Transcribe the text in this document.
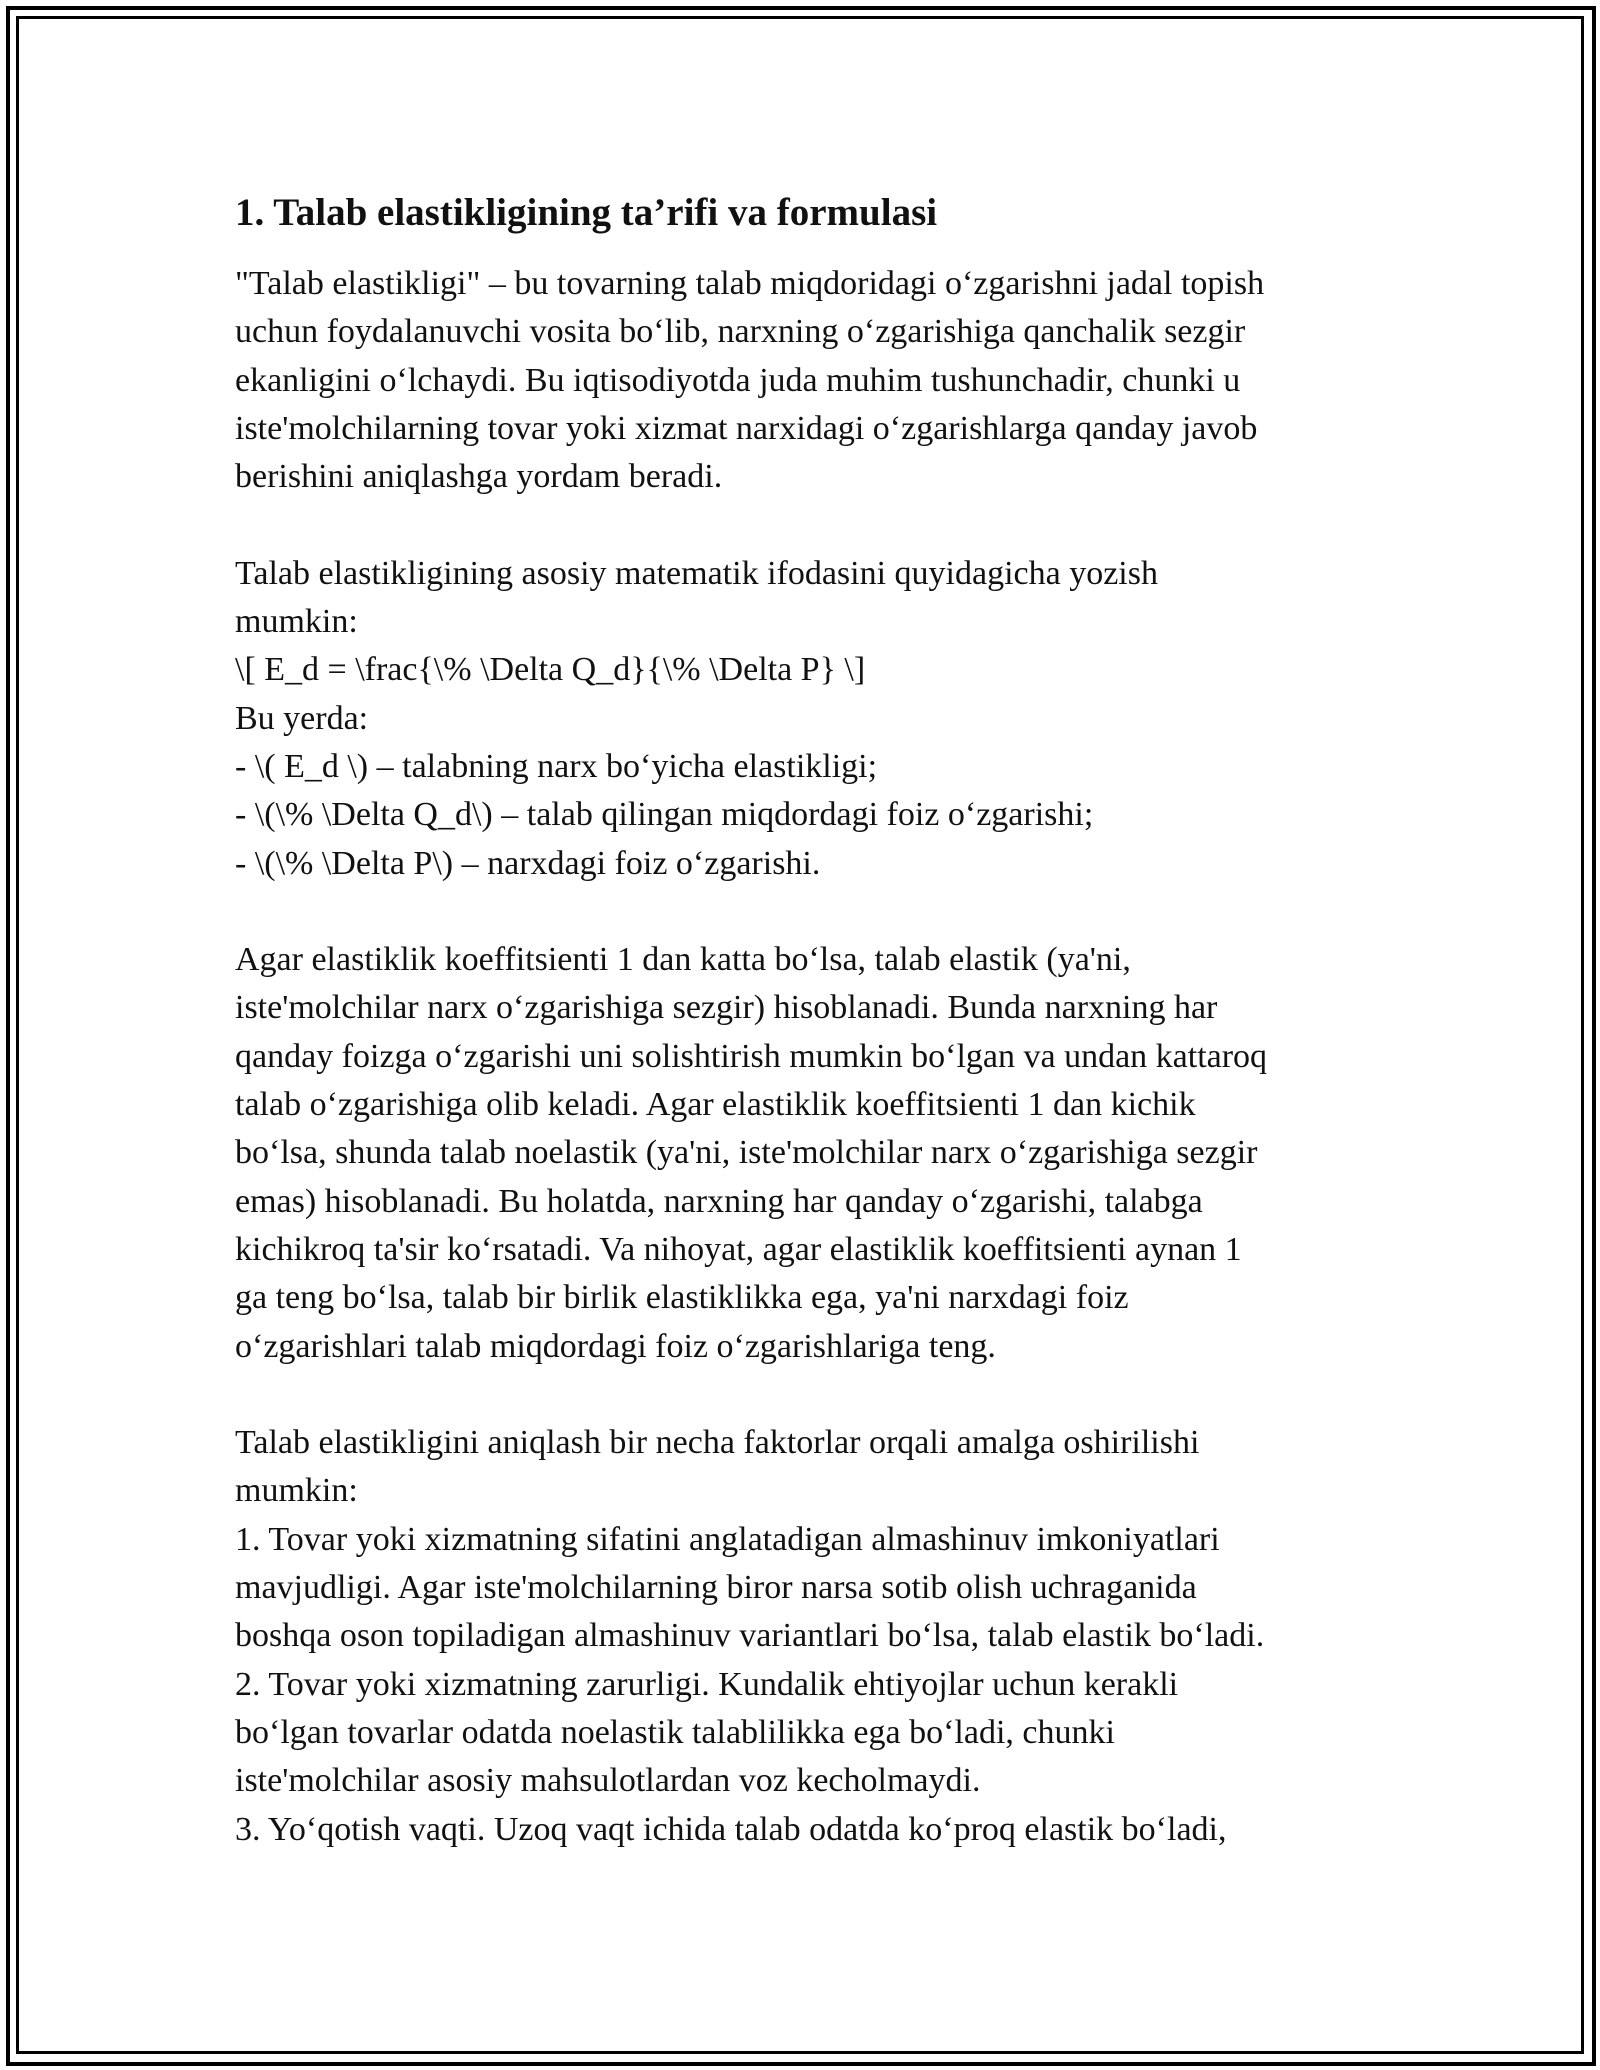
1. Talab elastikligining ta’rifi va formulasi

"Talab elastikligi" – bu tovarning talab miqdoridagi o‘zgarishni jadal topish

uchun foydalanuvchi vosita bo‘lib, narxning o‘zgarishiga qanchalik sezgir

ekanligini o‘lchaydi. Bu iqtisodiyotda juda muhim tushunchadir, chunki u

iste'molchilarning tovar yoki xizmat narxidagi o‘zgarishlarga qanday javob

berishini aniqlashga yordam beradi.

Talab elastikligining asosiy matematik ifodasini quyidagicha yozish

mumkin:

\[ E_d = \frac{\% \Delta Q_d}{\% \Delta P} \]

Bu yerda:

- \( E_d \) – talabning narx bo‘yicha elastikligi;

- \(\% \Delta Q_d\) – talab qilingan miqdordagi foiz o‘zgarishi;

- \(\% \Delta P\) – narxdagi foiz o‘zgarishi.

Agar elastiklik koeffitsienti 1 dan katta bo‘lsa, talab elastik (ya'ni,

iste'molchilar narx o‘zgarishiga sezgir) hisoblanadi. Bunda narxning har

qanday foizga o‘zgarishi uni solishtirish mumkin bo‘lgan va undan kattaroq

talab o‘zgarishiga olib keladi. Agar elastiklik koeffitsienti 1 dan kichik

bo‘lsa, shunda talab noelastik (ya'ni, iste'molchilar narx o‘zgarishiga sezgir

emas) hisoblanadi. Bu holatda, narxning har qanday o‘zgarishi, talabga

kichikroq ta'sir ko‘rsatadi. Va nihoyat, agar elastiklik koeffitsienti aynan 1

ga teng bo‘lsa, talab bir birlik elastiklikka ega, ya'ni narxdagi foiz

o‘zgarishlari talab miqdordagi foiz o‘zgarishlariga teng.

Talab elastikligini aniqlash bir necha faktorlar orqali amalga oshirilishi

mumkin:

1. Tovar yoki xizmatning sifatini anglatadigan almashinuv imkoniyatlari

mavjudligi. Agar iste'molchilarning biror narsa sotib olish uchraganida

boshqa oson topiladigan almashinuv variantlari bo‘lsa, talab elastik bo‘ladi.

2. Tovar yoki xizmatning zarurligi. Kundalik ehtiyojlar uchun kerakli

bo‘lgan tovarlar odatda noelastik talablilikka ega bo‘ladi, chunki

iste'molchilar asosiy mahsulotlardan voz kecholmaydi.

3. Yo‘qotish vaqti. Uzoq vaqt ichida talab odatda ko‘proq elastik bo‘ladi,
